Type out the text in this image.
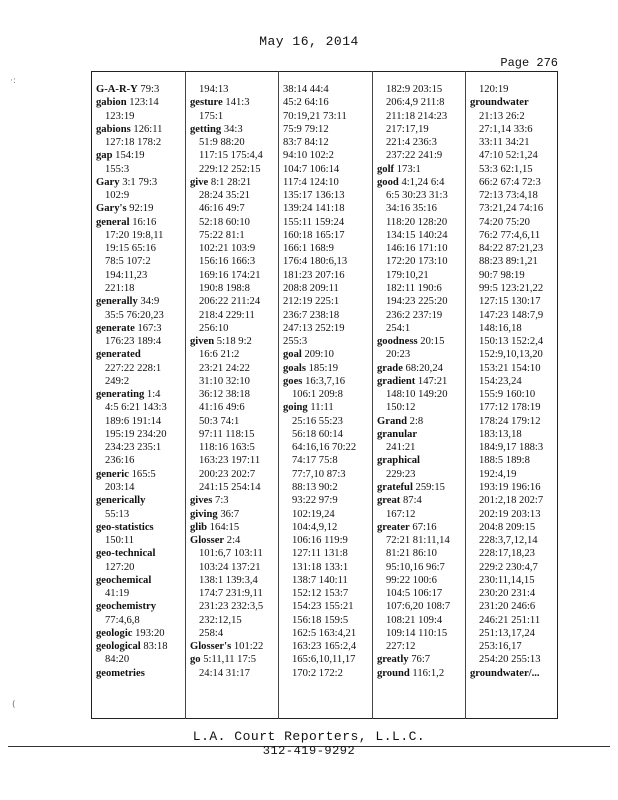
May 16, 2014
Page 276
G-A-R-Y 79:3
gabion 123:14
123:19
gabions 126:11
127:18 178:2
gap 154:19
155:3
Gary 3:1 79:3
102:9
Gary's 92:19
general 16:16
17:20 19:8,11
19:15 65:16
78:5 107:2
194:11,23
221:18
generally 34:9
35:5 76:20,23
generate 167:3
176:23 189:4
generated
227:22 228:1
249:2
generating 1:4
4:5 6:21 143:3
189:6 191:14
195:19 234:20
234:23 235:1
236:16
generic 165:5
203:14
generically
55:13
geo-statistics
150:11
geo-technical
127:20
geochemical
41:19
geochemistry
77:4,6,8
geologic 193:20
geological 83:18
84:20
geometries
194:13
gesture 141:3
175:1
getting 34:3
51:9 88:20
117:15 175:4,4
229:12 252:15
give 8:1 28:21
28:24 35:21
46:16 49:7
52:18 60:10
75:22 81:1
102:21 103:9
156:16 166:3
169:16 174:21
190:8 198:8
206:22 211:24
218:4 229:11
256:10
given 5:18 9:2
16:6 21:2
23:21 24:22
31:10 32:10
36:12 38:18
41:16 49:6
50:3 74:1
97:11 118:15
118:16 163:5
163:23 197:11
200:23 202:7
241:15 254:14
gives 7:3
giving 36:7
glib 164:15
Glosser 2:4
101:6,7 103:11
103:24 137:21
138:1 139:3,4
174:7 231:9,11
231:23 232:3,5
232:12,15
258:4
Glosser's 101:22
go 5:11,11 17:5
24:14 31:17
38:14 44:4
45:2 64:16
70:19,21 73:11
75:9 79:12
83:7 84:12
94:10 102:2
104:7 106:14
117:4 124:10
135:17 136:13
139:24 141:18
155:11 159:24
160:18 165:17
166:1 168:9
176:4 180:6,13
181:23 207:16
208:8 209:11
212:19 225:1
236:7 238:18
247:13 252:19
255:3
goal 209:10
goals 185:19
goes 16:3,7,16
106:1 209:8
going 11:11
25:16 55:23
56:18 60:14
64:16,16 70:22
74:17 75:8
77:7,10 87:3
88:13 90:2
93:22 97:9
102:19,24
104:4,9,12
106:16 119:9
127:11 131:8
131:18 133:1
138:7 140:11
152:12 153:7
154:23 155:21
156:18 159:5
162:5 163:4,21
163:23 165:2,4
165:6,10,11,17
170:2 172:2
182:9 203:15
206:4,9 211:8
211:18 214:23
217:17,19
221:4 236:3
237:22 241:9
golf 173:1
good 4:1,24 6:4
6:5 30:23 31:3
34:16 35:16
118:20 128:20
134:15 140:24
146:16 171:10
172:20 173:10
179:10,21
182:11 190:6
194:23 225:20
236:2 237:19
254:1
goodness 20:15
20:23
grade 68:20,24
gradient 147:21
148:10 149:20
150:12
Grand 2:8
granular
241:21
graphical
229:23
grateful 259:15
great 87:4
167:12
greater 67:16
72:21 81:11,14
81:21 86:10
95:10,16 96:7
99:22 100:6
104:5 106:17
107:6,20 108:7
108:21 109:4
109:14 110:15
227:12
greatly 76:7
ground 116:1,2
120:19
groundwater
21:13 26:2
27:1,14 33:6
33:11 34:21
47:10 52:1,24
53:3 62:1,15
66:2 67:4 72:3
72:13 73:4,18
73:21,24 74:16
74:20 75:20
76:2 77:4,6,11
84:22 87:21,23
88:23 89:1,21
90:7 98:19
99:5 123:21,22
127:15 130:17
147:23 148:7,9
148:16,18
150:13 152:2,4
152:9,10,13,20
153:21 154:10
154:23,24
155:9 160:10
177:12 178:19
178:24 179:12
183:13,18
184:9,17 188:3
188:5 189:8
192:4,19
193:19 196:16
201:2,18 202:7
202:19 203:13
204:8 209:15
228:3,7,12,14
228:17,18,23
229:2 230:4,7
230:11,14,15
230:20 231:4
231:20 246:6
246:21 251:11
251:13,17,24
253:16,17
254:20 255:13
groundwater/...
L.A. Court Reporters, L.L.C.
312-419-9292
·:
(
